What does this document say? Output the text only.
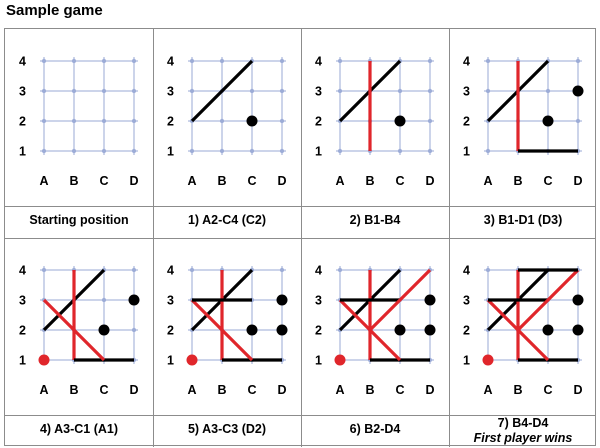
Sample game
1
2
3
4
A B C D
Starting position
1
2
3
4
A B C D
1) A2-C4 (C2)
1
2
3
4
A B C D
2) B1-B4
1
2
3
4
A B C D
3) B1-D1 (D3)
1
2
3
4
A B C D
4) A3-C1 (A1)
1
2
3
4
A B C D
5) A3-C3 (D2)
1
2
3
4
A B C D
6) B2-D4
1
2
3
4
A B C D
7) B4-D4
First player wins
